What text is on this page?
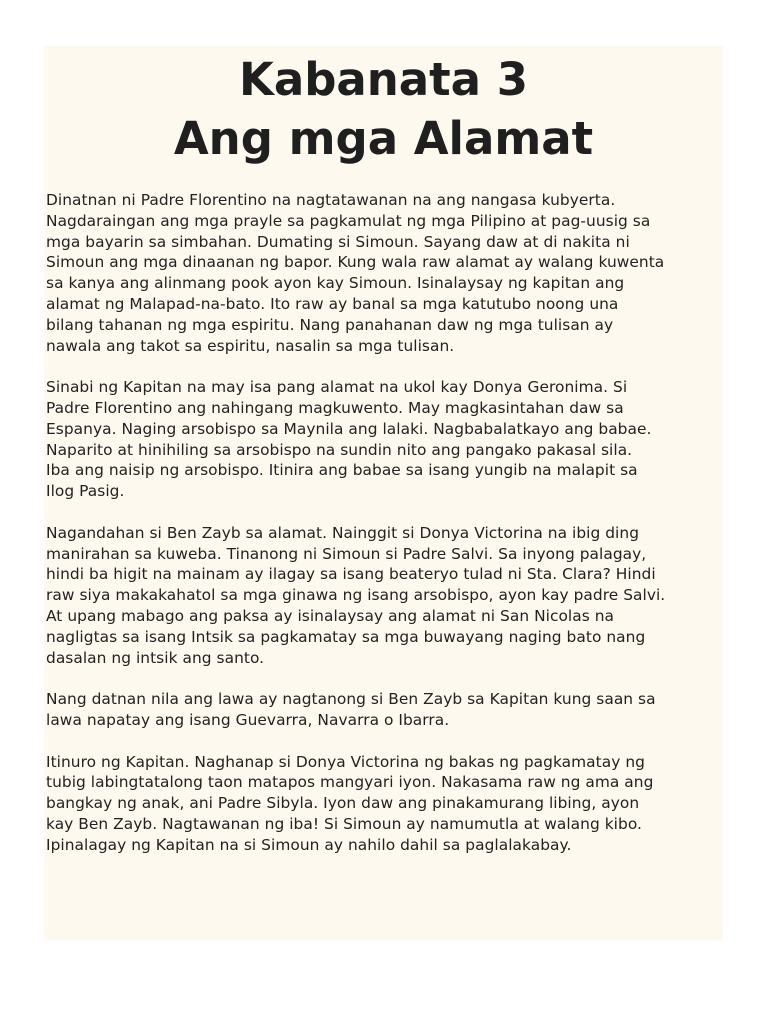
Kabanata 3
Ang mga Alamat

Dinatnan ni Padre Florentino na nagtatawanan na ang nangasa kubyerta.
Nagdaraingan ang mga prayle sa pagkamulat ng mga Pilipino at pag-uusig sa
mga bayarin sa simbahan. Dumating si Simoun. Sayang daw at di nakita ni
Simoun ang mga dinaanan ng bapor. Kung wala raw alamat ay walang kuwenta
sa kanya ang alinmang pook ayon kay Simoun. Isinalaysay ng kapitan ang
alamat ng Malapad-na-bato. Ito raw ay banal sa mga katutubo noong una
bilang tahanan ng mga espiritu. Nang panahanan daw ng mga tulisan ay
nawala ang takot sa espiritu, nasalin sa mga tulisan.

Sinabi ng Kapitan na may isa pang alamat na ukol kay Donya Geronima. Si
Padre Florentino ang nahingang magkuwento. May magkasintahan daw sa
Espanya. Naging arsobispo sa Maynila ang lalaki. Nagbabalatkayo ang babae.
Naparito at hinihiling sa arsobispo na sundin nito ang pangako pakasal sila.
Iba ang naisip ng arsobispo. Itinira ang babae sa isang yungib na malapit sa
Ilog Pasig.

Nagandahan si Ben Zayb sa alamat. Nainggit si Donya Victorina na ibig ding
manirahan sa kuweba. Tinanong ni Simoun si Padre Salvi. Sa inyong palagay,
hindi ba higit na mainam ay ilagay sa isang beateryo tulad ni Sta. Clara? Hindi
raw siya makakahatol sa mga ginawa ng isang arsobispo, ayon kay padre Salvi.
At upang mabago ang paksa ay isinalaysay ang alamat ni San Nicolas na
nagligtas sa isang Intsik sa pagkamatay sa mga buwayang naging bato nang
dasalan ng intsik ang santo.

Nang datnan nila ang lawa ay nagtanong si Ben Zayb sa Kapitan kung saan sa
lawa napatay ang isang Guevarra, Navarra o Ibarra.

Itinuro ng Kapitan. Naghanap si Donya Victorina ng bakas ng pagkamatay ng
tubig labingtatalong taon matapos mangyari iyon. Nakasama raw ng ama ang
bangkay ng anak, ani Padre Sibyla. Iyon daw ang pinakamurang libing, ayon
kay Ben Zayb. Nagtawanan ng iba! Si Simoun ay namumutla at walang kibo.
Ipinalagay ng Kapitan na si Simoun ay nahilo dahil sa paglalakabay.
